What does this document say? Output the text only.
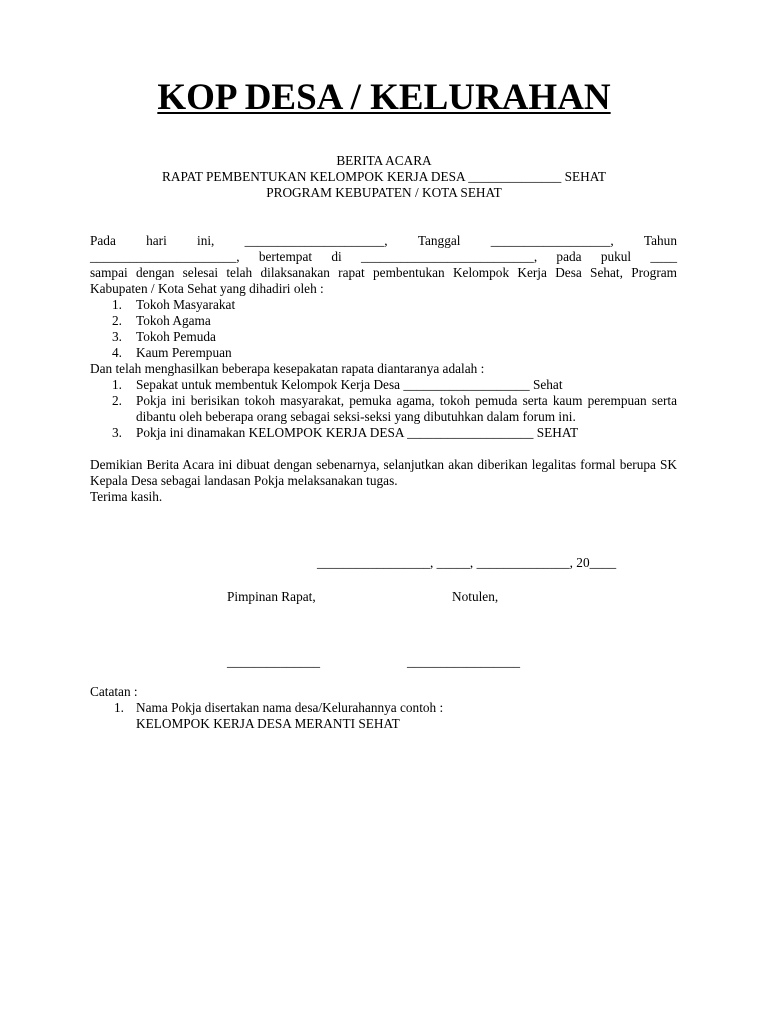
KOP DESA / KELURAHAN
BERITA ACARA
RAPAT PEMBENTUKAN KELOMPOK KERJA DESA ______________ SEHAT
PROGRAM KEBUPATEN / KOTA SEHAT
Pada hari ini, _____________________, Tanggal __________________, Tahun
______________________, bertempat di __________________________, pada pukul ____
sampai dengan selesai telah dilaksanakan rapat pembentukan Kelompok Kerja Desa Sehat, Program Kabupaten / Kota Sehat yang dihadiri oleh :
1.	Tokoh Masyarakat
2.	Tokoh Agama
3.	Tokoh Pemuda
4.	Kaum Perempuan
Dan telah menghasilkan beberapa kesepakatan rapata diantaranya adalah :
1.	Sepakat untuk membentuk Kelompok Kerja Desa ___________________ Sehat
2.	Pokja ini berisikan tokoh masyarakat, pemuka agama, tokoh pemuda serta kaum perempuan serta dibantu oleh beberapa orang sebagai seksi-seksi yang dibutuhkan dalam forum ini.
3.	Pokja ini dinamakan KELOMPOK KERJA DESA ___________________ SEHAT
Demikian Berita Acara ini dibuat dengan sebenarnya, selanjutkan akan diberikan legalitas formal berupa SK Kepala Desa sebagai landasan Pokja melaksanakan tugas.
Terima kasih.
_________________, _____, ______________, 20____
Pimpinan Rapat,	Notulen,
______________	_________________
Catatan :
1. Nama Pokja disertakan nama desa/Kelurahannya contoh :
KELOMPOK KERJA DESA MERANTI SEHAT
